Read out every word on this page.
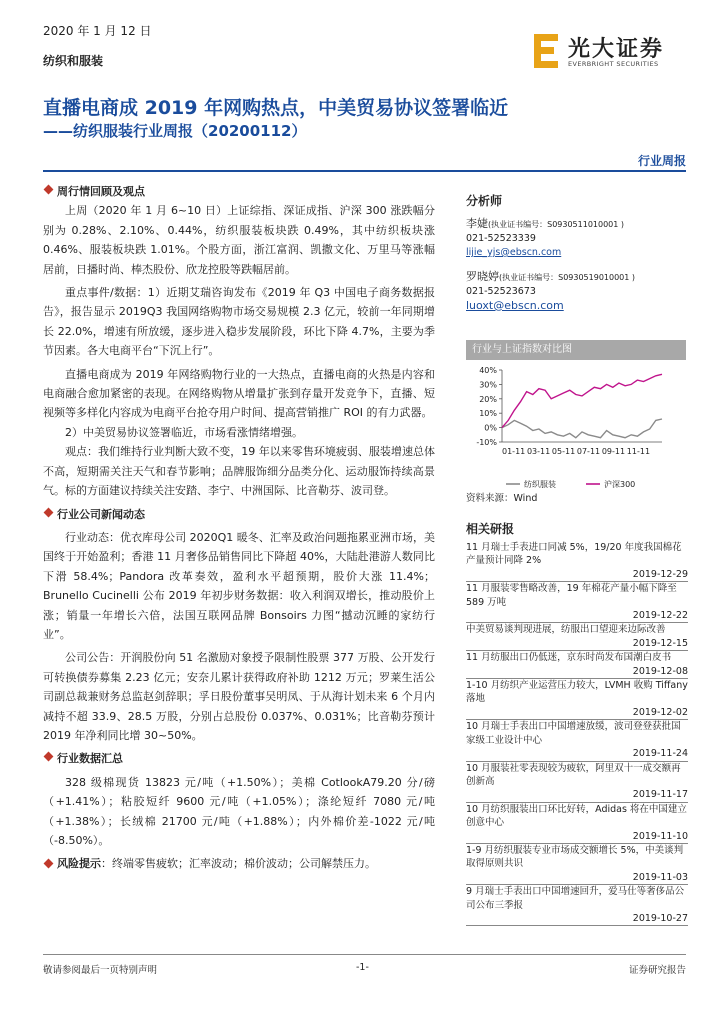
2020 年 1 月 12 日
纺织和服装	光大证券
EVERBRIGHT SECURITIES
直播电商成 2019 年网购热点，中美贸易协议签署临近
——纺织服装行业周报（20200112）
行业周报
周行情回顾及观点

上周（2020 年 1 月 6~10 日）上证综指、深证成指、沪深 300 涨跌幅分别为 0.28%、2.10%、0.44%，纺织服装板块跌 0.49%，其中纺织板块涨 0.46%、服装板块跌 1.01%。个股方面，浙江富润、凯撒文化、万里马等涨幅居前，日播时尚、棒杰股份、欣龙控股等跌幅居前。

重点事件/数据：1）近期艾瑞咨询发布《2019 年 Q3 中国电子商务数据报告》，报告显示 2019Q3 我国网络购物市场交易规模 2.3 亿元，较前一年同期增长 22.0%，增速有所放缓，逐步进入稳步发展阶段，环比下降 4.7%，主要为季节因素。各大电商平台“下沉上行”。

直播电商成为 2019 年网络购物行业的一大热点，直播电商的火热是内容和电商融合愈加紧密的表现。在网络购物从增量扩张到存量开发竞争下，直播、短视频等多样化内容成为电商平台抢夺用户时间、提高营销推广 ROI 的有力武器。

2）中美贸易协议签署临近，市场看涨情绪增强。

观点：我们维持行业判断大致不变，19 年以来零售环境疲弱、服装增速总体不高，短期需关注天气和春节影响；品牌服饰细分品类分化、运动服饰持续高景气。标的方面建议持续关注安踏、李宁、中洲国际、比音勒芬、波司登。

行业公司新闻动态

行业动态：优衣库母公司 2020Q1 暖冬、汇率及政治问题拖累亚洲市场，美国终于开始盈利；香港 11 月奢侈品销售同比下降超 40%，大陆赴港游人数同比下滑 58.4%；Pandora 改革奏效，盈利水平超预期，股价大涨 11.4%；Brunello Cucinelli 公布 2019 年初步财务数据：收入利润双增长，推动股价上涨；销量一年增长六倍，法国互联网品牌 Bonsoirs 力图“撼动沉睡的家纺行业”。

公司公告：开润股份向 51 名激励对象授予限制性股票 377 万股、公开发行可转换债券募集 2.23 亿元；安奈儿累计获得政府补助 1212 万元；罗莱生活公司副总裁兼财务总监赵剑辞职；孚日股份董事吴明凤、于从海计划未来 6 个月内减持不超 33.9、28.5 万股，分别占总股份 0.037%、0.031%；比音勒芬预计 2019 年净利同比增 30~50%。

行业数据汇总

328 级棉现货 13823 元/吨（+1.50%）；美棉 CotlookA79.20 分/磅（+1.41%）；粘胶短纤 9600 元/吨（+1.05%）；涤纶短纤 7080 元/吨（+1.38%）；长绒棉 21700 元/吨（+1.88%）；内外棉价差-1022 元/吨（-8.50%）。

风险提示：终端零售疲软；汇率波动；棉价波动；公司解禁压力。

分析师
李婕(执业证书编号：S0930511010001 )
021-52523339
lijie_yjs@ebscn.com
罗晓婷(执业证书编号：S0930519010001 )
021-52523673
luoxt@ebscn.com
行业与上证指数对比图
-10%
0%
10%
20%
30%
40%
01-11 03-11 05-11 07-11 09-11 11-11
纺织服装	沪深300
资料来源：Wind
相关研报
11 月瑞士手表进口同减 5%，19/20 年度我国棉花产量预计同降 2%
2019-12-29
11 月服装零售略改善，19 年棉花产量小幅下降至 589 万吨
2019-12-22
中美贸易谈判现进展，纺服出口望迎来边际改善
2019-12-15
11 月纺服出口仍低迷，京东时尚发布国潮白皮书
2019-12-08
1-10 月纺织产业运营压力较大，LVMH 收购 Tiffany 落地
2019-12-02
10 月瑞士手表出口中国增速放缓，波司登登获批国家级工业设计中心
2019-11-24
10 月服装社零表现较为疲软，阿里双十一成交额再创新高
2019-11-17
10 月纺织服装出口环比好转，Adidas 将在中国建立创意中心
2019-11-10
1-9 月纺织服装专业市场成交额增长 5%，中美谈判取得原则共识
2019-11-03
9 月瑞士手表出口中国增速回升，爱马仕等奢侈品公司公布三季报
2019-10-27
敬请参阅最后一页特别声明	-1-	证券研究报告
